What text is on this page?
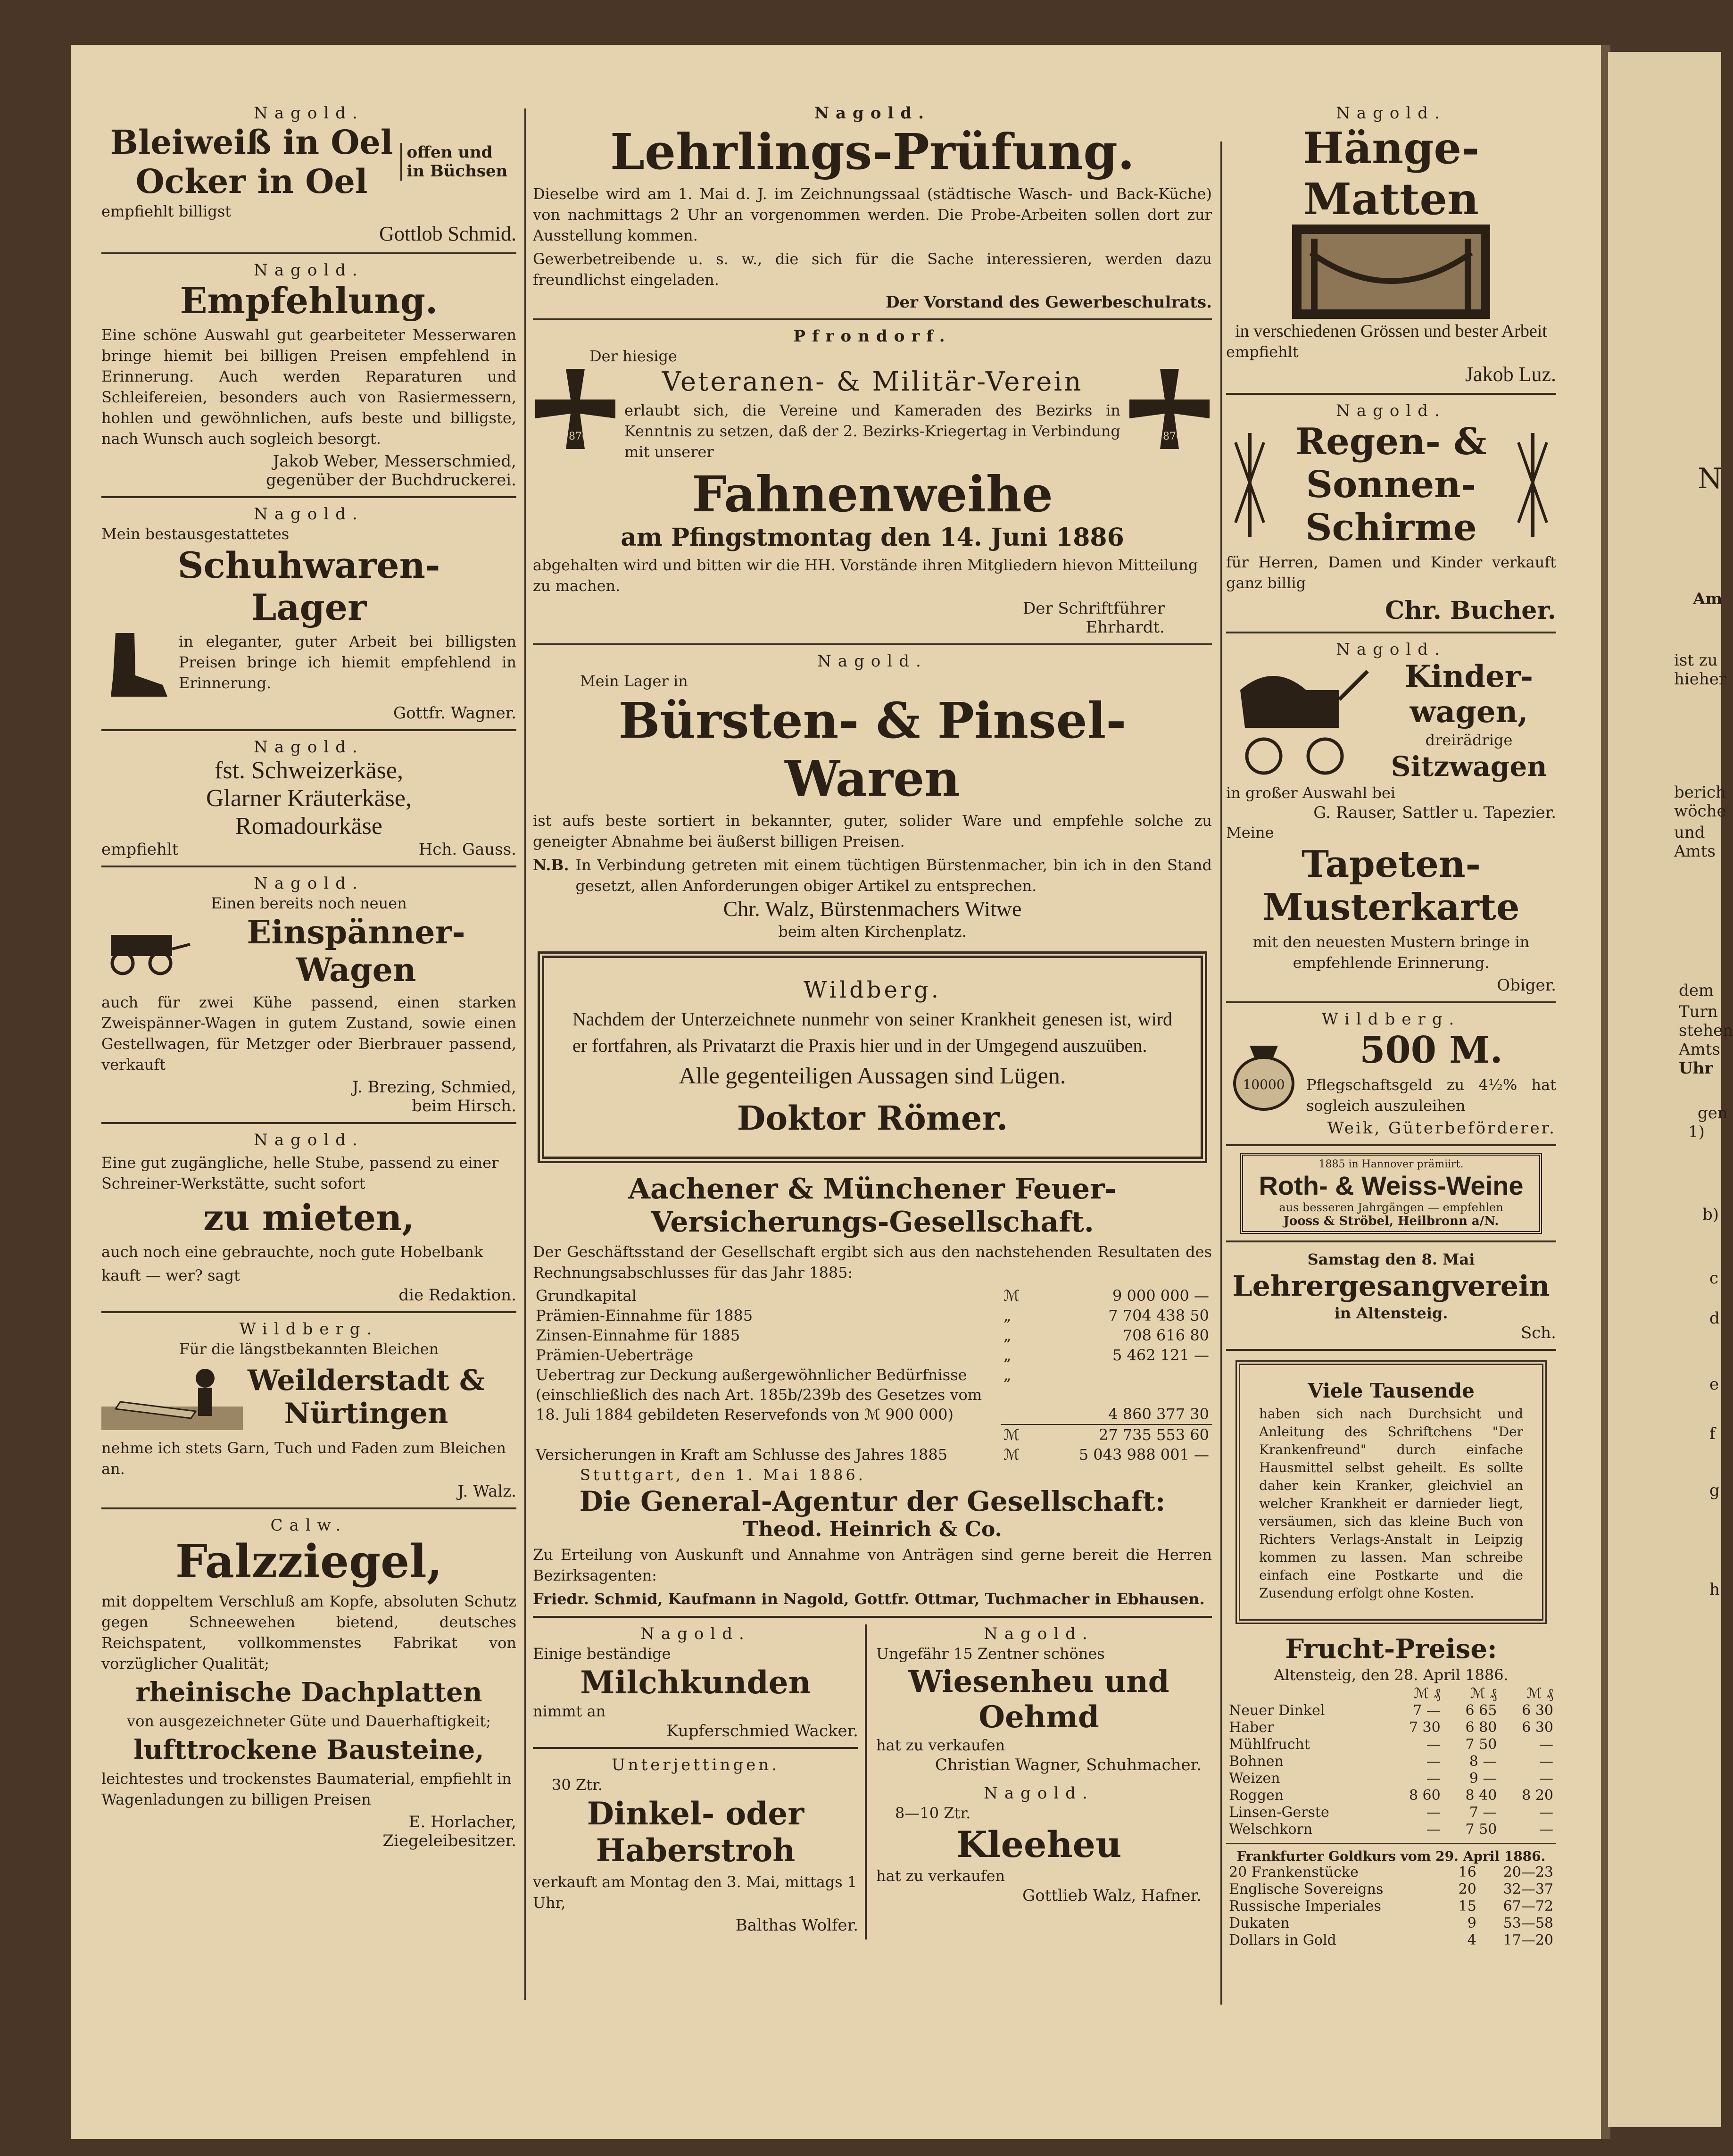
Nagold.
Bleiweiß in Oel
Ocker in Oel
offen und
in Büchsen
empfiehlt billigst
Gottlob Schmid.
Nagold.
Empfehlung.

Eine schöne Auswahl gut gearbeiteter Messerwaren bringe hiemit bei billigen Preisen empfehlend in Erinnerung. Auch werden Reparaturen und Schleifereien, besonders auch von Rasiermessern, hohlen und gewöhnlichen, aufs beste und billigste, nach Wunsch auch sogleich besorgt.

Jakob Weber, Messerschmied,
gegenüber der Buchdruckerei.
Nagold.
Mein bestausgestattetes
Schuhwaren-
Lager

in eleganter, guter Arbeit bei billigsten Preisen bringe ich hiemit empfehlend in Erinnerung.

Gottfr. Wagner.
Nagold.
fst. Schweizerkäse,
Glarner Kräuterkäse,
Romadourkäse
empfiehlt	Hch. Gauss.
Nagold.
Einen bereits noch neuen
Einspänner-Wagen

auch für zwei Kühe passend, einen starken Zweispänner-Wagen in gutem Zustand, sowie einen Gestellwagen, für Metzger oder Bierbrauer passend, verkauft

J. Brezing, Schmied,
beim Hirsch.
Nagold.

Eine gut zugängliche, helle Stube, passend zu einer Schreiner-Werkstätte, sucht sofort

zu mieten,

auch noch eine gebrauchte, noch gute Hobelbank

kauft — wer? sagt
die Redaktion.
Wildberg.
Für die längstbekannten Bleichen
Weilderstadt &
Nürtingen

nehme ich stets Garn, Tuch und Faden zum Bleichen an.

J. Walz.
Calw.
Falzziegel,

mit doppeltem Verschluß am Kopfe, absoluten Schutz gegen Schneewehen bietend, deutsches Reichspatent, vollkommenstes Fabrikat von vorzüglicher Qualität;

rheinische Dachplatten

von ausgezeichneter Güte und Dauerhaftigkeit;

lufttrockene Bausteine,

leichtestes und trockenstes Baumaterial, empfiehlt in Wagenladungen zu billigen Preisen

E. Horlacher,
Ziegeleibesitzer.
Nagold.
Lehrlings-Prüfung.

Dieselbe wird am 1. Mai d. J. im Zeichnungssaal (städtische Wasch- und Back-Küche) von nachmittags 2 Uhr an vorgenommen werden. Die Probe-Arbeiten sollen dort zur Ausstellung kommen.

Gewerbetreibende u. s. w., die sich für die Sache interessieren, werden dazu freundlichst eingeladen.

Der Vorstand des Gewerbeschulrats.
Pfrondorf.
Der hiesige
1870
Veteranen- & Militär-Verein

erlaubt sich, die Vereine und Kameraden des Bezirks in Kenntnis zu setzen, daß der 2. Bezirks-Kriegertag in Verbindung mit unserer

1870
Fahnenweihe
am Pfingstmontag den 14. Juni 1886

abgehalten wird und bitten wir die HH. Vorstände ihren Mitgliedern hievon Mitteilung zu machen.

Der Schriftführer
Ehrhardt.
Nagold.
Mein Lager in
Bürsten- & Pinsel-Waren

ist aufs beste sortiert in bekannter, guter, solider Ware und empfehle solche zu geneigter Abnahme bei äußerst billigen Preisen.

N.B. In Verbindung getreten mit einem tüchtigen Bürstenmacher, bin ich in den Stand gesetzt, allen Anforderungen obiger Artikel zu entsprechen.

Chr. Walz, Bürstenmachers Witwe
beim alten Kirchenplatz.
Wildberg.

Nachdem der Unterzeichnete nunmehr von seiner Krankheit genesen ist, wird er fortfahren, als Privatarzt die Praxis hier und in der Umgegend auszuüben.

Alle gegenteiligen Aussagen sind Lügen.
Doktor Römer.
Aachener & Münchener Feuer-Versicherungs-Gesellschaft.

Der Geschäftsstand der Gesellschaft ergibt sich aus den nachstehenden Resultaten des Rechnungsabschlusses für das Jahr 1885:

Grundkapital	ℳ	9 000 000 —
Prämien-Einnahme für 1885	„	7 704 438 50
Zinsen-Einnahme für 1885	„	708 616 80
Prämien-Ueberträge	„	5 462 121 —
Uebertrag zur Deckung außergewöhnlicher Bedürfnisse (einschließlich des nach Art. 185b/239b des Gesetzes vom 18. Juli 1884 gebildeten Reservefonds von ℳ 900 000)	„	4 860 377 30
	ℳ	27 735 553 60
Versicherungen in Kraft am Schlusse des Jahres 1885	ℳ	5 043 988 001 —
Stuttgart, den 1. Mai 1886.
Die General-Agentur der Gesellschaft:
Theod. Heinrich & Co.

Zu Erteilung von Auskunft und Annahme von Anträgen sind gerne bereit die Herren Bezirksagenten:

Friedr. Schmid, Kaufmann in Nagold, Gottfr. Ottmar, Tuchmacher in Ebhausen.

Nagold.
Einige beständige
Milchkunden
nimmt an
Kupferschmied Wacker.
Unterjettingen.
30 Ztr.
Dinkel- oder Haberstroh

verkauft am Montag den 3. Mai, mittags 1 Uhr,

Balthas Wolfer.
Nagold.
Ungefähr 15 Zentner schönes
Wiesenheu und Oehmd
hat zu verkaufen
Christian Wagner, Schuhmacher.
Nagold.
8—10 Ztr.
Kleeheu
hat zu verkaufen
Gottlieb Walz, Hafner.
Nagold.
Hänge-Matten
in verschiedenen Grössen und bester Arbeit
empfiehlt
Jakob Luz.
Nagold.
Regen- &
Sonnen-
Schirme

für Herren, Damen und Kinder verkauft ganz billig

Chr. Bucher.
Nagold.
Kinder-
wagen,
dreirädrige
Sitzwagen
in großer Auswahl bei
G. Rauser, Sattler u. Tapezier.
Meine
Tapeten-
Musterkarte

mit den neuesten Mustern bringe in empfehlende Erinnerung.

Obiger.
Wildberg.
10000
500 M.

Pflegschaftsgeld zu 4½% hat sogleich auszuleihen

Weik, Güterbeförderer.
1885 in Hannover prämiirt.
Roth- & Weiss-Weine
aus besseren Jahrgängen — empfehlen
Jooss & Ströbel, Heilbronn a/N.
Samstag den 8. Mai
Lehrergesangverein
in Altensteig.
Sch.
Viele Tausende

haben sich nach Durchsicht und Anleitung des Schriftchens "Der Krankenfreund" durch einfache Hausmittel selbst geheilt. Es sollte daher kein Kranker, gleichviel an welcher Krankheit er darnieder liegt, versäumen, sich das kleine Buch von Richters Verlags-Anstalt in Leipzig kommen zu lassen. Man schreibe einfach eine Postkarte und die Zusendung erfolgt ohne Kosten.

Frucht-Preise:
Altensteig, den 28. April 1886.
	ℳ ₰	ℳ ₰	ℳ ₰
Neuer Dinkel	7 —	6 65	6 30
Haber	7 30	6 80	6 30
Mühlfrucht	—	7 50	—
Bohnen	—	8 —	—
Weizen	—	9 —	—
Roggen	8 60	8 40	8 20
Linsen-Gerste	—	7 —	—
Welschkorn	—	7 50	—
Frankfurter Goldkurs vom 29. April 1886.
20 Frankenstücke	16	20—23
Englische Sovereigns	20	32—37
Russische Imperiales	15	67—72
Dukaten	9	53—58
Dollars in Gold	4	17—20
N
Am
ist zu
hieher
berich
wöche
und
Amts
dem
Turn
stehen
Amts
Uhr
gen
1)
b)
c
d
e
f
g
h
